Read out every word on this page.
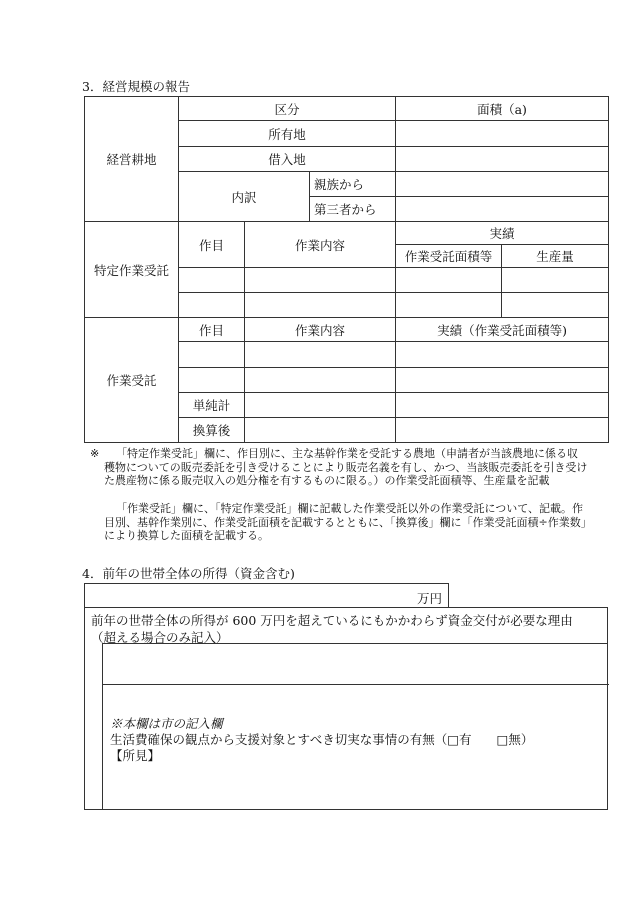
3．経営規模の報告
経営耕地	区分			面積（a)	
	所有地				
	借入地				
	内訳		親族から		
			第三者から		
特定作業受託	作目	作業内容		実績	
				作業受託面積等	生産量

作業受託	作目	作業内容		実績（作業受託面積等)	

	単純計				
	換算後				
※	「特定作業受託」欄に、作目別に、主な基幹作業を受託する農地（申請者が当該農地に係る収穫物についての販売委託を引き受けることにより販売名義を有し、かつ、当該販売委託を引き受けた農産物に係る販売収入の処分権を有するものに限る。）の作業受託面積等、生産量を記載
「作業受託」欄に、「特定作業受託」欄に記載した作業受託以外の作業受託について、記載。作目別、基幹作業別に、作業受託面積を記載するとともに、「換算後」欄に「作業受託面積÷作業数」により換算した面積を記載する。
4．前年の世帯全体の所得（資金含む)
万円
前年の世帯全体の所得が 600 万円を超えているにもかかわらず資金交付が必要な理由
（超える場合のみ記入）
※本欄は市の記入欄
生活費確保の観点から支援対象とすべき切実な事情の有無（□有　　□無）
【所見】
